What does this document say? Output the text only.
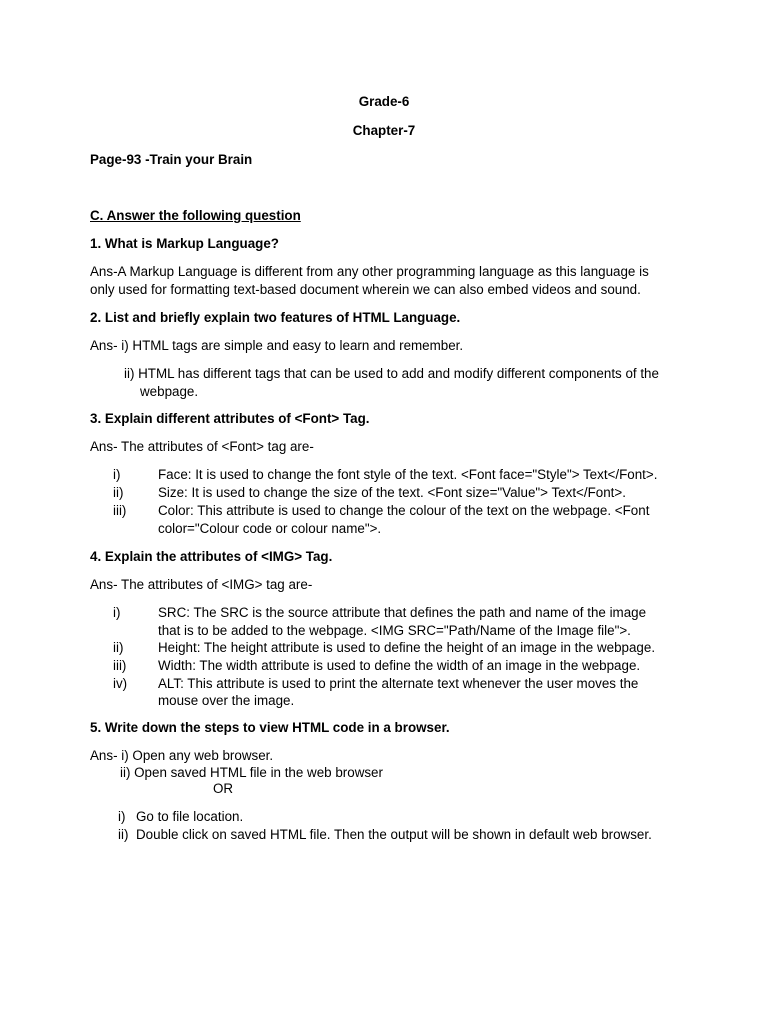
Grade-6
Chapter-7
Page-93 -Train your Brain
C. Answer the following question
1. What is Markup Language?
Ans-A Markup Language is different from any other programming language as this language is
only used for formatting text-based document wherein we can also embed videos and sound.
2. List and briefly explain two features of HTML Language.
Ans- i) HTML tags are simple and easy to learn and remember.
ii) HTML has different tags that can be used to add and modify different components of the
webpage.
3. Explain different attributes of <Font> Tag.
Ans- The attributes of <Font> tag are-
i)	Face: It is used to change the font style of the text. <Font face="Style"> Text</Font>.
ii)	Size: It is used to change the size of the text. <Font size="Value"> Text</Font>.
iii) Color: This attribute is used to change the colour of the text on the webpage. <Font
color="Colour code or colour name">.
4. Explain the attributes of <IMG> Tag.
Ans- The attributes of <IMG> tag are-
i)	SRC: The SRC is the source attribute that defines the path and name of the image
that is to be added to the webpage. <IMG SRC="Path/Name of the Image file">.
ii)	Height: The height attribute is used to define the height of an image in the webpage.
iii) Width: The width attribute is used to define the width of an image in the webpage.
iv) ALT: This attribute is used to print the alternate text whenever the user moves the
mouse over the image.
5. Write down the steps to view HTML code in a browser.
Ans- i) Open any web browser.
ii) Open saved HTML file in the web browser
OR
i) Go to file location.
ii) Double click on saved HTML file. Then the output will be shown in default web browser.
